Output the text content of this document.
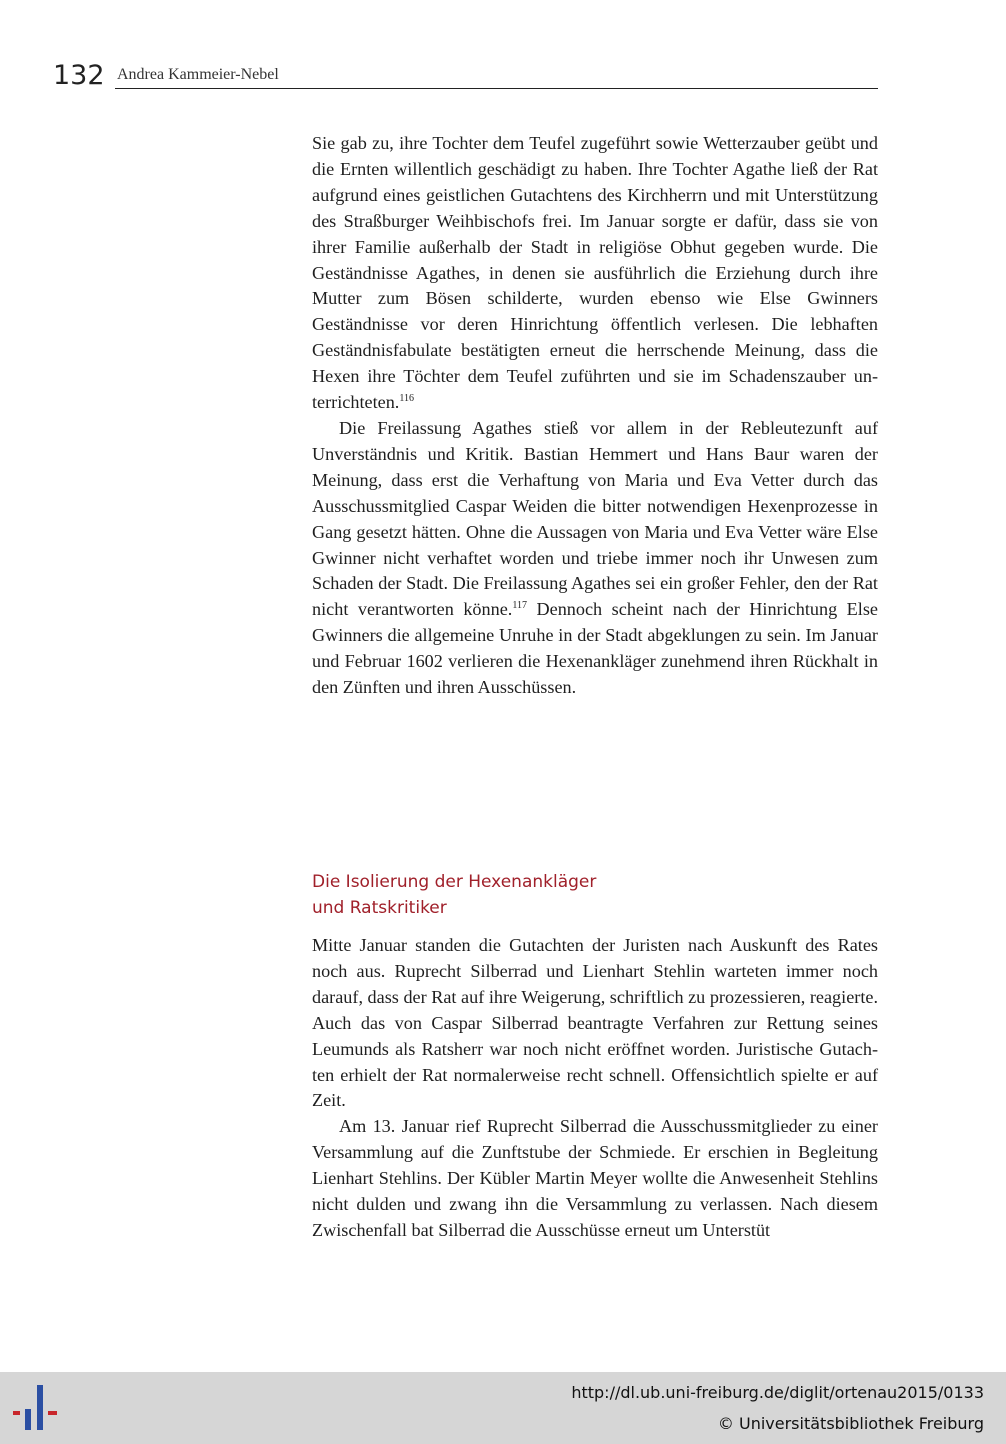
132 Andrea Kammeier-Nebel

Sie gab zu, ihre Tochter dem Teufel zugeführt sowie Wetterzauber geübt und die Ernten willentlich geschädigt zu haben. Ihre Tochter Agathe ließ der Rat aufgrund eines geistlichen Gutachtens des Kirchherrn und mit Unterstützung des Straßburger Weihbischofs frei. Im Januar sorgte er dafür, dass sie von ihrer Familie außerhalb der Stadt in religiöse Obhut gegeben wurde. Die Geständnisse Agathes, in denen sie ausführlich die Erziehung durch ihre Mutter zum Bösen schilderte, wurden ebenso wie Else Gwinners Geständnisse vor deren Hinrichtung öffentlich verlesen. Die lebhaften Geständnisfabulate bestätigten erneut die herrschende Meinung, dass die Hexen ihre Töchter dem Teufel zuführten und sie im Schadenszauber unterrichteten.$^{116}$

Die Freilassung Agathes stieß vor allem in der Rebleutezunft auf Unverständnis und Kritik. Bastian Hemmert und Hans Baur waren der Meinung, dass erst die Verhaftung von Maria und Eva Vetter durch das Ausschussmitglied Caspar Weiden die bitter notwendigen Hexenprozesse in Gang gesetzt hätten. Ohne die Aussagen von Maria und Eva Vetter wäre Else Gwinner nicht verhaftet worden und triebe immer noch ihr Unwesen zum Schaden der Stadt. Die Freilassung Agathes sei ein großer Fehler, den der Rat nicht verantworten könne.$^{117}$ Dennoch scheint nach der Hinrichtung Else Gwinners die allgemeine Unruhe in der Stadt abgeklungen zu sein. Im Januar und Februar 1602 verlieren die Hexenankläger zunehmend ihren Rückhalt in den Zünften und ihren Ausschüssen.

Die Isolierung der Hexenankläger
und Ratskritiker

Mitte Januar standen die Gutachten der Juristen nach Auskunft des Rates noch aus. Ruprecht Silberrad und Lienhart Stehlin warteten immer noch darauf, dass der Rat auf ihre Weigerung, schriftlich zu prozessieren, reagierte. Auch das von Caspar Silberrad beantragte Verfahren zur Rettung seines Leumunds als Ratsherr war noch nicht eröffnet worden. Juristische Gutachten erhielt der Rat normalerweise recht schnell. Offensichtlich spielte er auf Zeit.

Am 13. Januar rief Ruprecht Silberrad die Ausschussmitglieder zu einer Versammlung auf die Zunftstube der Schmiede. Er erschien in Begleitung Lienhart Stehlins. Der Kübler Martin Meyer wollte die Anwesenheit Stehlins nicht dulden und zwang ihn die Versammlung zu verlassen. Nach diesem Zwischenfall bat Silberrad die Ausschüsse erneut um Unterstüt

http://dl.ub.uni-freiburg.de/diglit/ortenau2015/0133
© Universitätsbibliothek Freiburg
